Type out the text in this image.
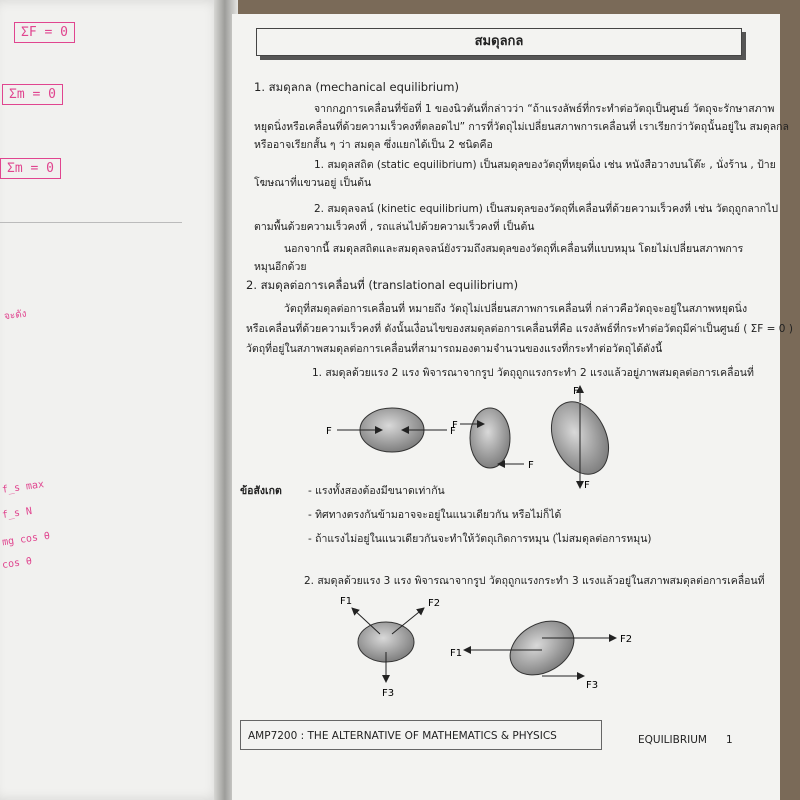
ΣF = 0
Σm = 0
Σm = 0
จะดัง
f_s max
f_s N
mg cos θ
cos θ
สมดุลกล
1. สมดุลกล (mechanical equilibrium)
จากกฎการเคลื่อนที่ข้อที่ 1 ของนิวตันที่กล่าวว่า “ถ้าแรงลัพธ์ที่กระทำต่อวัตถุเป็นศูนย์ วัตถุจะรักษาสภาพ
หยุดนิ่งหรือเคลื่อนที่ด้วยความเร็วคงที่ตลอดไป” การที่วัตถุไม่เปลี่ยนสภาพการเคลื่อนที่ เราเรียกว่าวัตถุนั้นอยู่ใน สมดุลกล
หรืออาจเรียกสั้น ๆ ว่า สมดุล ซึ่งแยกได้เป็น 2 ชนิดคือ
1. สมดุลสถิต (static equilibrium) เป็นสมดุลของวัตถุที่หยุดนิ่ง เช่น หนังสือวางบนโต๊ะ , นั่งร้าน , ป้าย
โฆษณาที่แขวนอยู่ เป็นต้น
2. สมดุลจลน์ (kinetic equilibrium) เป็นสมดุลของวัตถุที่เคลื่อนที่ด้วยความเร็วคงที่ เช่น วัตถุถูกลากไป
ตามพื้นด้วยความเร็วคงที่ , รถแล่นไปด้วยความเร็วคงที่ เป็นต้น
นอกจากนี้ สมดุลสถิตและสมดุลจลน์ยังรวมถึงสมดุลของวัตถุที่เคลื่อนที่แบบหมุน โดยไม่เปลี่ยนสภาพการ
หมุนอีกด้วย
2. สมดุลต่อการเคลื่อนที่ (translational equilibrium)
วัตถุที่สมดุลต่อการเคลื่อนที่ หมายถึง วัตถุไม่เปลี่ยนสภาพการเคลื่อนที่ กล่าวคือวัตถุจะอยู่ในสภาพหยุดนิ่ง
หรือเคลื่อนที่ด้วยความเร็วคงที่ ดังนั้นเงื่อนไขของสมดุลต่อการเคลื่อนที่คือ แรงลัพธ์ที่กระทำต่อวัตถุมีค่าเป็นศูนย์ ( ΣF = 0 )
วัตถุที่อยู่ในสภาพสมดุลต่อการเคลื่อนที่สามารถมองตามจำนวนของแรงที่กระทำต่อวัตถุได้ดังนี้
1. สมดุลด้วยแรง 2 แรง พิจารณาจากรูป วัตถุถูกแรงกระทำ 2 แรงแล้วอยู่ภาพสมดุลต่อการเคลื่อนที่
F	F
F
F
F
F
ข้อสังเกต - แรงทั้งสองต้องมีขนาดเท่ากัน
- ทิศทางตรงกันข้ามอาจจะอยู่ในแนวเดียวกัน หรือไม่ก็ได้
- ถ้าแรงไม่อยู่ในแนวเดียวกันจะทำให้วัตถุเกิดการหมุน (ไม่สมดุลต่อการหมุน)
2. สมดุลด้วยแรง 3 แรง พิจารณาจากรูป วัตถุถูกแรงกระทำ 3 แรงแล้วอยู่ในสภาพสมดุลต่อการเคลื่อนที่
F1	F2
F3
F1
F2
F3
AMP7200 : THE ALTERNATIVE OF MATHEMATICS & PHYSICS	EQUILIBRIUM 1
